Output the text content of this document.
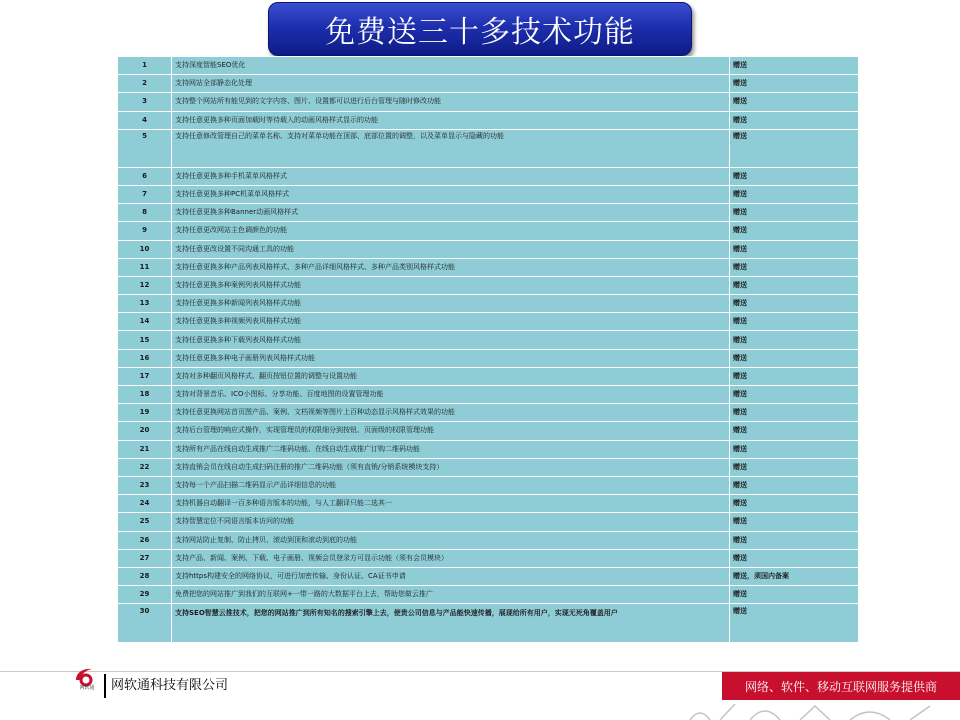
免费送三十多技术功能
1	支持深度智能SEO优化	赠送
2	支持网站全部静态化处理	赠送
3	支持整个网站所有能见到的文字内容、图片、设置都可以进行后台管理与随时修改功能	赠送
4	支持任意更换多种页面加载时等待载入的动画风格样式显示的功能	赠送
5	支持任意修改管理自己的菜单名称、支持对菜单功能在顶部、底部位置的调整，以及菜单显示与隐藏的功能	赠送
6	支持任意更换多种手机菜单风格样式	赠送
7	支持任意更换多种PC机菜单风格样式	赠送
8	支持任意更换多种Banner动画风格样式	赠送
9	支持任意更改网站主色调颜色的功能	赠送
10	支持任意更改设置不同沟通工具的功能	赠送
11	支持任意更换多种产品列表风格样式、多种产品详细风格样式、多种产品类别风格样式功能	赠送
12	支持任意更换多种案例列表风格样式功能	赠送
13	支持任意更换多种新闻列表风格样式功能	赠送
14	支持任意更换多种视频列表风格样式功能	赠送
15	支持任意更换多种下载列表风格样式功能	赠送
16	支持任意更换多种电子画册列表风格样式功能	赠送
17	支持对多种翻页风格样式、翻页按钮位置的调整与设置功能	赠送
18	支持对背景音乐、ICO小图标、分享功能、百度地图的设置管理功能	赠送
19	支持任意更换网站首页图产品、案例、文档视频等图片上百种动态显示风格样式效果的功能	赠送
20	支持后台管理的响应式操作，实现管理员的权限细分到按钮、页面级的权限管理功能	赠送
21	支持所有产品在线自动生成推广二维码功能、在线自动生成推广订购二维码功能	赠送
22	支持直销会员在线自动生成扫码注册的推广二维码功能（须有直销/分销系统模块支持）	赠送
23	支持每一个产品扫描二维码显示产品详细信息的功能	赠送
24	支持机器自动翻译一百多种语言版本的功能，与人工翻译只能二选其一	赠送
25	支持智慧定位不同语言版本访问的功能	赠送
26	支持网站防止复制、防止拷贝、滚动到顶和滚动到底的功能	赠送
27	支持产品、新闻、案例、下载、电子画册、视频会员登录方可显示功能（须有会员模块）	赠送
28	支持https构建安全的网络协议，可进行加密传输、身份认证、CA证书申请	赠送，须国内备案
29	免费把您的网站推广到我们的互联网+一带一路的大数据平台上去，帮助您做云推广	赠送
30	支持SEO智慧云推技术，把您的网站推广到所有知名的搜索引擎上去，使贵公司信息与产品能快速传播，展现给所有用户，实现无死角覆盖用户	赠送
网软通	网软通科技有限公司	网络、软件、移动互联网服务提供商
